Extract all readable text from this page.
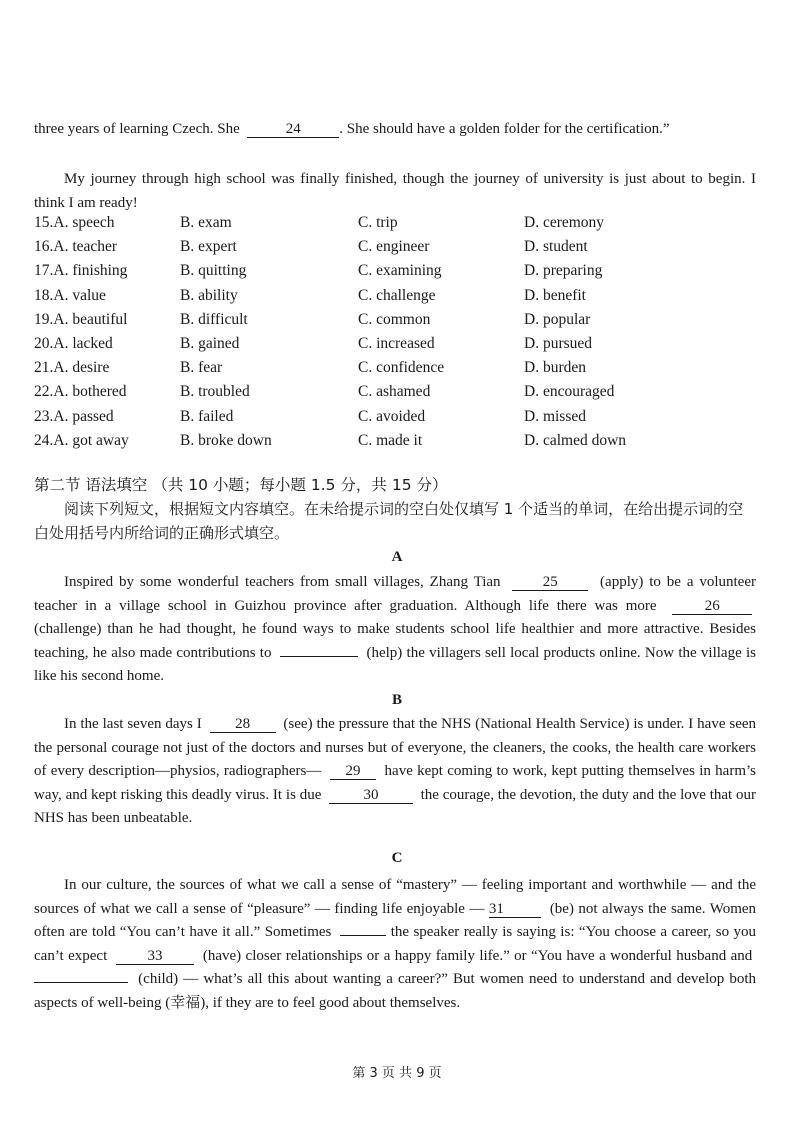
three years of learning Czech. She	24	. She should have a golden folder for the certification.”

My journey through high school was finally finished, though the journey of university is just about to begin. I think I am ready!

15.A. speech	B. exam	C. trip	D. ceremony
16.A. teacher	B. expert	C. engineer	D. student
17.A. finishing	B. quitting	C. examining	D. preparing
18.A. value	B. ability	C. challenge	D. benefit
19.A. beautiful	B. difficult	C. common	D. popular
20.A. lacked	B. gained	C. increased	D. pursued
21.A. desire	B. fear	C. confidence	D. burden
22.A. bothered	B. troubled	C. ashamed	D. encouraged
23.A. passed	B. failed	C. avoided	D. missed
24.A. got away	B. broke down	C. made it	D. calmed down
第二节 语法填空 （共 10 小题；每小题 1.5 分，共 15 分）

阅读下列短文，根据短文内容填空。在未给提示词的空白处仅填写 1 个适当的单词，在给出提示词的空白处用括号内所给词的正确形式填空。

A

Inspired by some wonderful teachers from small villages, Zhang Tian	25	(apply) to be a volunteer teacher in a village school in Guizhou province after graduation. Although life there was more	26  (challenge) than he had thought, he found ways to make students school life healthier and more attractive. Besides teaching, he also made contributions to	(help) the villagers sell local products online. Now the village is like his second home.

B

In the last seven days I 28 (see) the pressure that the NHS (National Health Service) is under. I have seen the personal courage not just of the doctors and nurses but of everyone, the cleaners, the cooks, the health care workers of every description—physios, radiographers— 29 have kept coming to work, kept putting themselves in harm’s way, and kept risking this deadly virus. It is due	30	the courage, the devotion, the duty and the love that our NHS has been unbeatable.

C

In our culture, the sources of what we call a sense of “mastery” — feeling important and worthwhile — and the sources of what we call a sense of “pleasure” — finding life enjoyable — 31	(be) not always the same. Women often are told “You can’t have it all.” Sometimes	the speaker really is saying is: “You choose a career, so you can’t expect	33	(have) closer relationships or a happy family life.” or “You have a wonderful husband and    (child) — what’s all this about wanting a career?” But women need to understand and develop both aspects of well-being (幸福), if they are to feel good about themselves.

第 3 页 共 9 页
